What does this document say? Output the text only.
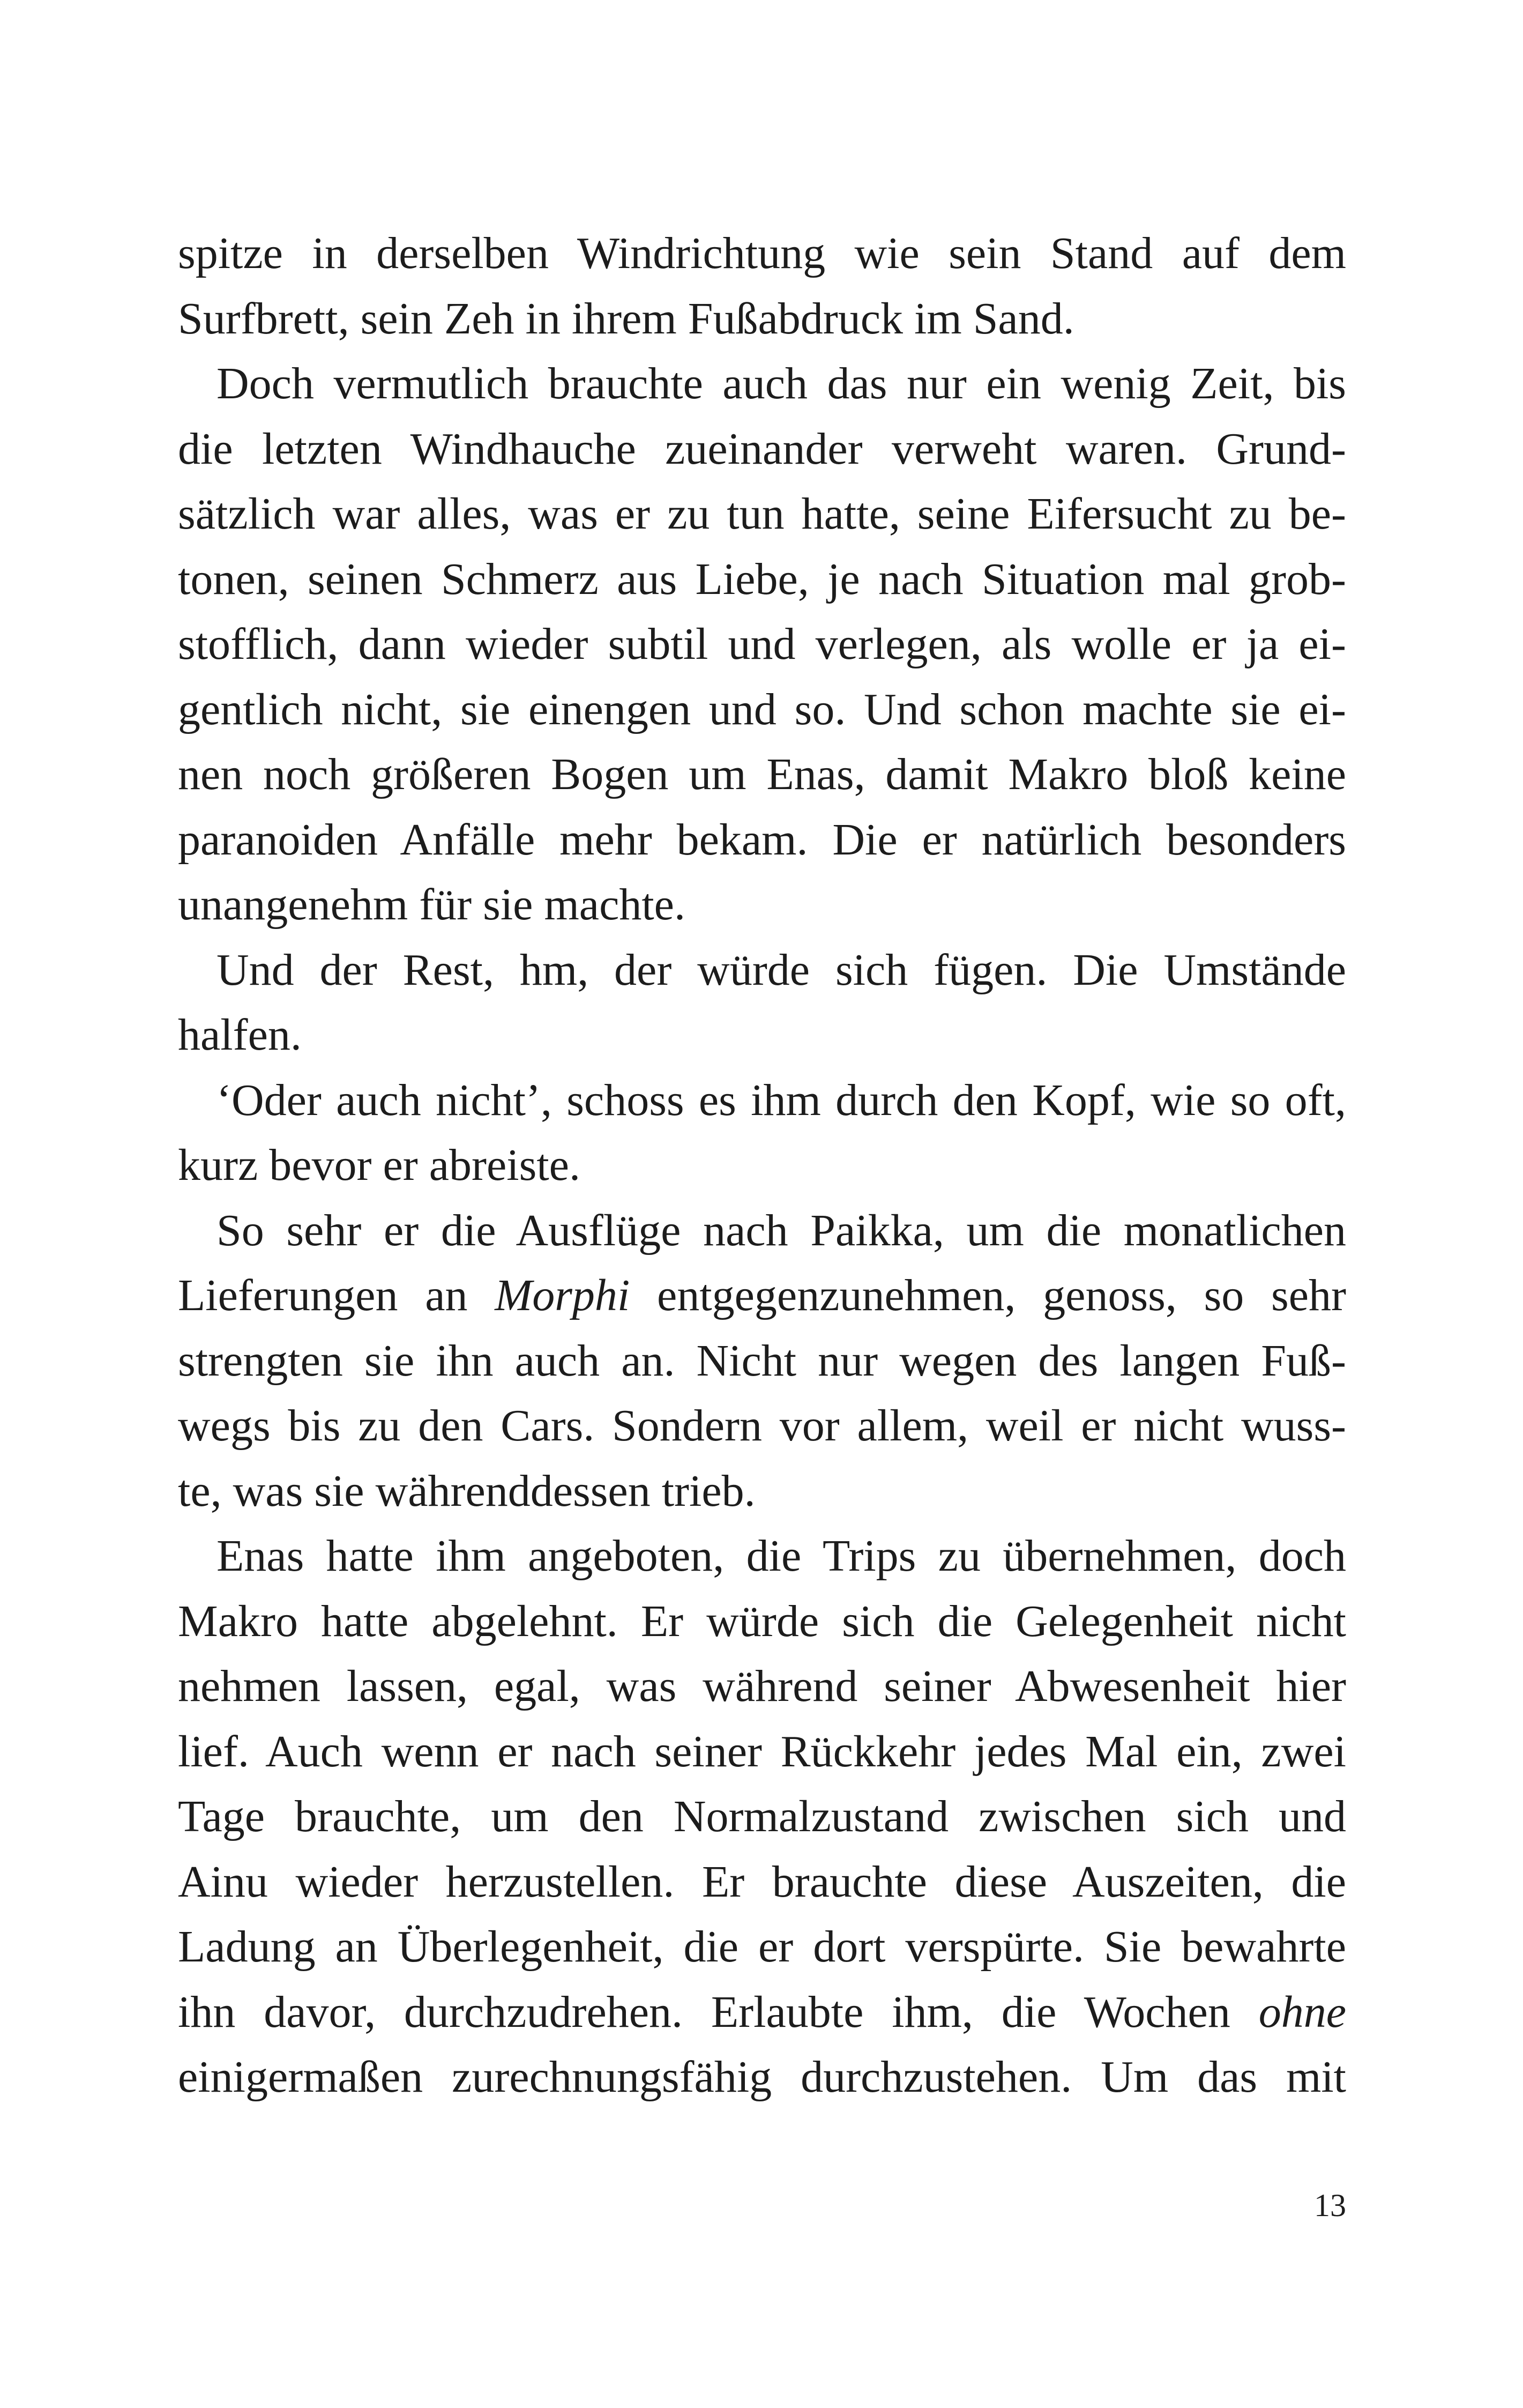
spitze in derselben Windrichtung wie sein Stand auf dem
Surfbrett, sein Zeh in ihrem Fußabdruck im Sand.
Doch vermutlich brauchte auch das nur ein wenig Zeit, bis
die letzten Windhauche zueinander verweht waren. Grund-
sätzlich war alles, was er zu tun hatte, seine Eifersucht zu be-
tonen, seinen Schmerz aus Liebe, je nach Situation mal grob-
stofflich, dann wieder subtil und verlegen, als wolle er ja ei-
gentlich nicht, sie einengen und so. Und schon machte sie ei-
nen noch größeren Bogen um Enas, damit Makro bloß keine
paranoiden Anfälle mehr bekam. Die er natürlich besonders
unangenehm für sie machte.
Und der Rest, hm, der würde sich fügen. Die Umstände
halfen.
‘Oder auch nicht’, schoss es ihm durch den Kopf, wie so oft,
kurz bevor er abreiste.
So sehr er die Ausflüge nach Paikka, um die monatlichen
Lieferungen an Morphi entgegenzunehmen, genoss, so sehr
strengten sie ihn auch an. Nicht nur wegen des langen Fuß-
wegs bis zu den Cars. Sondern vor allem, weil er nicht wuss-
te, was sie währenddessen trieb.
Enas hatte ihm angeboten, die Trips zu übernehmen, doch
Makro hatte abgelehnt. Er würde sich die Gelegenheit nicht
nehmen lassen, egal, was während seiner Abwesenheit hier
lief. Auch wenn er nach seiner Rückkehr jedes Mal ein, zwei
Tage brauchte, um den Normalzustand zwischen sich und
Ainu wieder herzustellen. Er brauchte diese Auszeiten, die
Ladung an Überlegenheit, die er dort verspürte. Sie bewahrte
ihn davor, durchzudrehen. Erlaubte ihm, die Wochen ohne
einigermaßen zurechnungsfähig durchzustehen. Um das mit
13
